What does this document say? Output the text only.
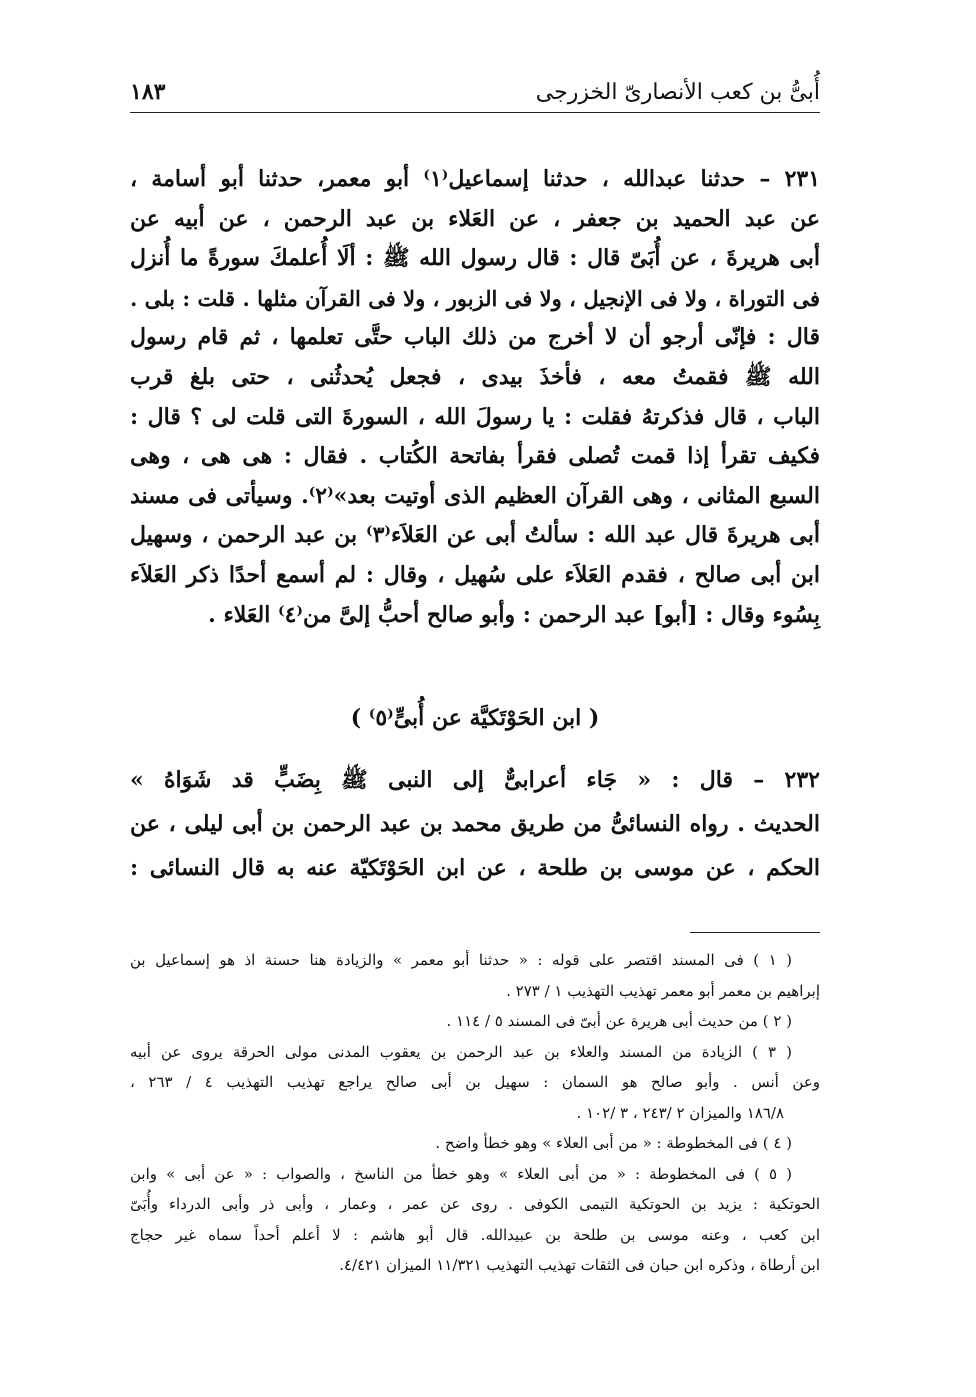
١٨٣	أُبىُّ بن كعب الأنصارىّ الخزرجى
٢٣١ – حدثنا عبدالله ، حدثنا إسماعيل⁽١⁾ أبو معمر، حدثنا أبو أسامة ،
عن عبد الحميد بن جعفر ، عن العَلاء بن عبد الرحمن ، عن أبيه عن
أبى هريرةَ ، عن أُبَىّ قال : قال رسول الله ﷺ : ألَا أُعلمكَ سورةً ما أُنزل
فى التوراة ، ولا فى الإنجيل ، ولا فى الزبور ، ولا فى القرآن مثلها . قلت : بلى .
قال : فإنّى أرجو أن لا أخرج من ذلك الباب حتَّى تعلمها ، ثم قام رسول
الله ﷺ فقمتُ معه ، فأخذَ بيدى ، فجعل يُحدثُنى ، حتى بلغ قرب
الباب ، قال فذكرتهُ فقلت : يا رسولَ الله ، السورةَ التى قلت لى ؟ قال :
فكيف تقرأ إذا قمت تُصلى فقرأ بفاتحة الكُتاب . فقال : هى هى ، وهى
السبع المثانى ، وهى القرآن العظيم الذى أوتيت بعد»⁽٢⁾. وسيأتى فى مسند
أبى هريرةَ قال عبد الله : سألتُ أبى عن العَلاَء⁽٣⁾ بن عبد الرحمن ، وسهيل
ابن أبى صالح ، فقدم العَلاَء على سُهيل ، وقال : لم أسمع أحدًا ذكر العَلاَء
بِسُوء وقال : [أبو] عبد الرحمن : وأبو صالح أحبُّ إلىَّ من⁽٤⁾ العَلاء .
( ابن الحَوْتَكيَّة عن أُبىٍّ⁽٥⁾ )
٢٣٢ – قال : « جَاء أعرابىٌّ إلى النبى ﷺ بِضَبٍّ قد شَوَاهُ »
الحديث . رواه النسائىُّ من طريق محمد بن عبد الرحمن بن أبى ليلى ، عن
الحكم ، عن موسى بن طلحة ، عن ابن الحَوْتَكيّة عنه به قال النسائى :
( ١ ) فى المسند اقتصر على قوله : « حدثنا أبو معمر » والزيادة هنا حسنة اذ هو إسماعيل بن
إبراهيم بن معمر أبو معمر تهذيب التهذيب ١ / ٢٧٣ .
( ٢ ) من حديث أبى هريرة عن أبىّ فى المسند ٥ / ١١٤ .
( ٣ ) الزيادة من المسند والعلاء بن عبد الرحمن بن يعقوب المدنى مولى الحرقة يروى عن أبيه
وعن أنس . وأبو صالح هو السمان : سهيل بن أبى صالح يراجع تهذيب التهذيب ٤ / ٢٦٣ ،
١٨٦/٨ والميزان ٢ /٢٤٣ ، ٣ /١٠٢ .
( ٤ ) فى المخطوطة : « من أبى العلاء » وهو خطأ واضح .
( ٥ ) فى المخطوطة : « من أبى العلاء » وهو خطأ من الناسخ ، والصواب : « عن أبى » وابن
الحوتكية : يزيد بن الحوتكية التيمى الكوفى . روى عن عمر ، وعمار ، وأبى ذر وأبى الدرداء وأُبَىّ
ابن كعب ، وعنه موسى بن طلحة بن عبيدالله. قال أبو هاشم : لا أعلم أحداً سماه غير حجاج
ابن أرطاة ، وذكره ابن حبان فى الثقات تهذيب التهذيب ١١/٣٢١ الميزان ٤/٤٢١.
